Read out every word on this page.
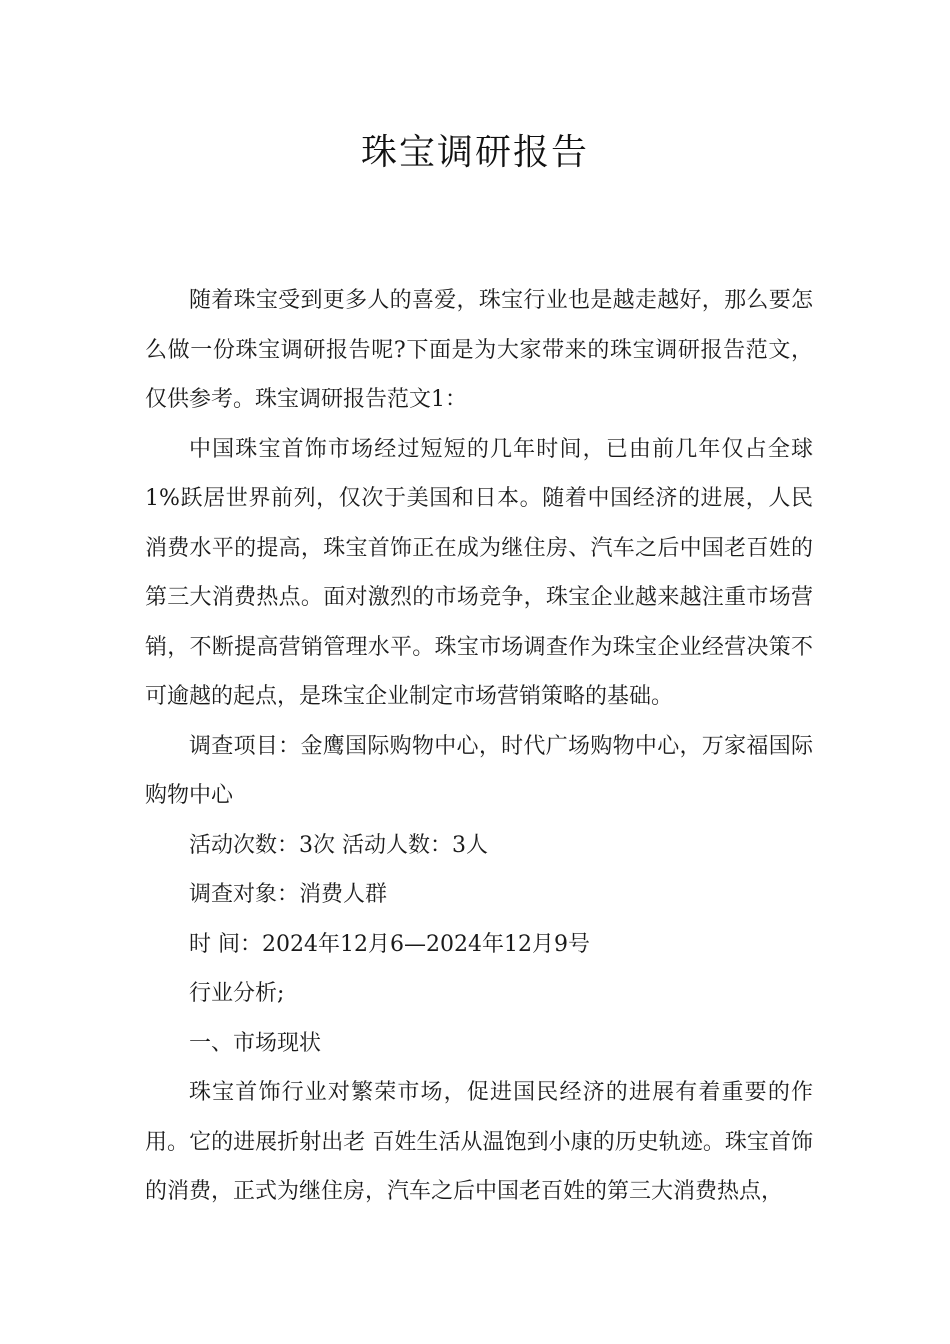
珠宝调研报告

随着珠宝受到更多人的喜爱，珠宝行业也是越走越好，那么要怎么做一份珠宝调研报告呢?下面是为大家带来的珠宝调研报告范文，仅供参考。珠宝调研报告范文1：

中国珠宝首饰市场经过短短的几年时间，已由前几年仅占全球1%跃居世界前列，仅次于美国和日本。随着中国经济的进展，人民消费水平的提高，珠宝首饰正在成为继住房、汽车之后中国老百姓的第三大消费热点。面对激烈的市场竞争，珠宝企业越来越注重市场营销，不断提高营销管理水平。珠宝市场调查作为珠宝企业经营决策不可逾越的起点，是珠宝企业制定市场营销策略的基础。

调查项目：金鹰国际购物中心，时代广场购物中心，万家福国际购物中心

活动次数：3次 活动人数：3人

调查对象：消费人群

时 间：2024年12月6—2024年12月9号

行业分析;

一、市场现状

珠宝首饰行业对繁荣市场，促进国民经济的进展有着重要的作用。它的进展折射出老 百姓生活从温饱到小康的历史轨迹。珠宝首饰的消费，正式为继住房，汽车之后中国老百姓的第三大消费热点，
